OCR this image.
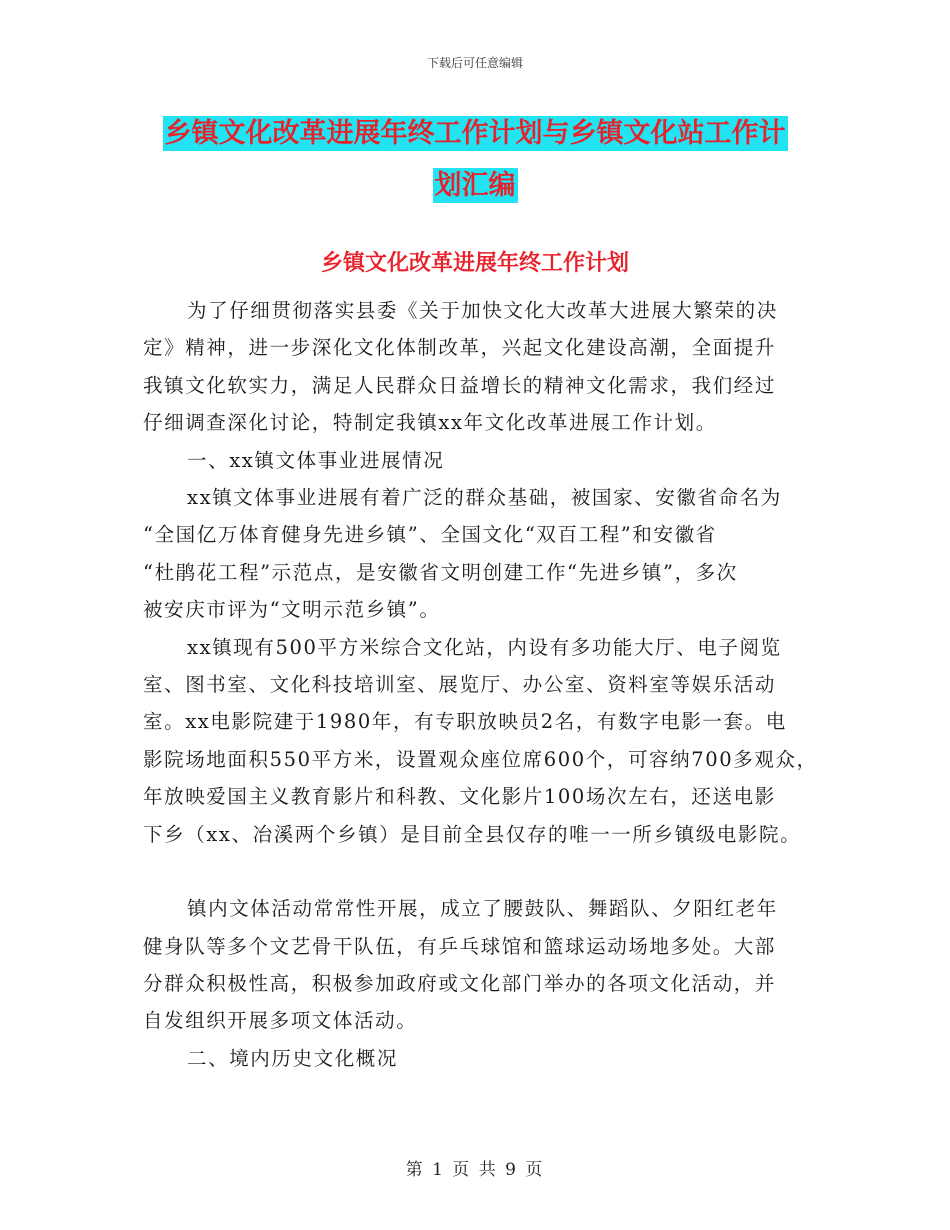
下载后可任意编辑
乡镇文化改革进展年终工作计划与乡镇文化站工作计
划汇编
乡镇文化改革进展年终工作计划
为了仔细贯彻落实县委《关于加快文化大改革大进展大繁荣的决
定》精神，进一步深化文化体制改革，兴起文化建设高潮，全面提升
我镇文化软实力，满足人民群众日益增长的精神文化需求，我们经过
仔细调查深化讨论，特制定我镇xx年文化改革进展工作计划。
一、xx镇文体事业进展情况
xx镇文体事业进展有着广泛的群众基础，被国家、安徽省命名为
“全国亿万体育健身先进乡镇”、全国文化“双百工程”和安徽省
“杜鹃花工程”示范点，是安徽省文明创建工作“先进乡镇”，多次
被安庆市评为“文明示范乡镇”。
xx镇现有500平方米综合文化站，内设有多功能大厅、电子阅览
室、图书室、文化科技培训室、展览厅、办公室、资料室等娱乐活动
室。xx电影院建于1980年，有专职放映员2名，有数字电影一套。电
影院场地面积550平方米，设置观众座位席600个，可容纳700多观众，
年放映爱国主义教育影片和科教、文化影片100场次左右，还送电影
下乡（xx、冶溪两个乡镇）是目前全县仅存的唯一一所乡镇级电影院。
镇内文体活动常常性开展，成立了腰鼓队、舞蹈队、夕阳红老年
健身队等多个文艺骨干队伍，有乒乓球馆和篮球运动场地多处。大部
分群众积极性高，积极参加政府或文化部门举办的各项文化活动，并
自发组织开展多项文体活动。
二、境内历史文化概况
第 1 页 共 9 页
